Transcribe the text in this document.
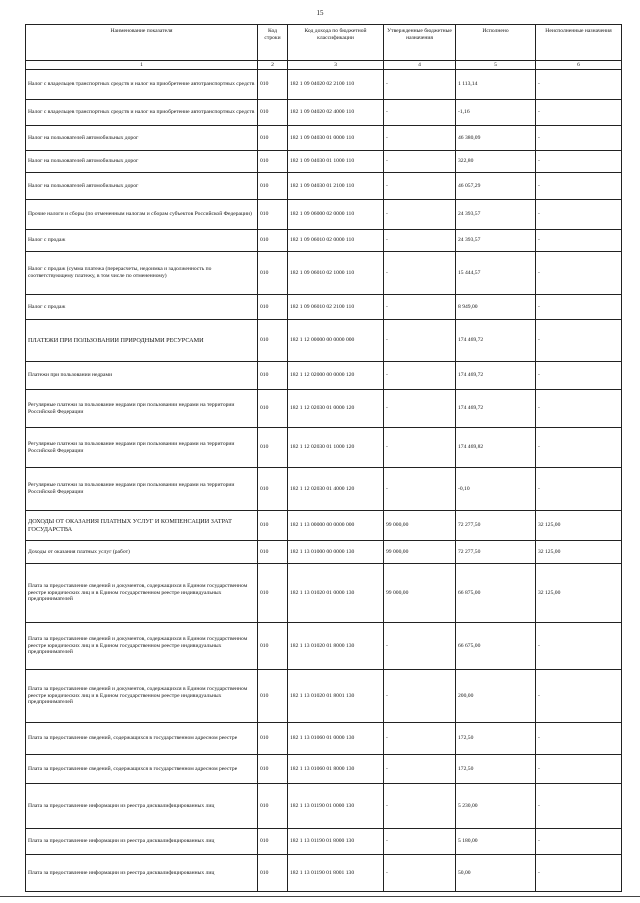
15
Наименование показателя	Код строки	Код дохода по бюджетной классификации	Утвержденные бюджетные назначения	Исполнено	Неисполненные назначения
1	2	3	4	5	6
Налог с владельцев транспортных средств и налог на приобретение автотранспортных средств	010	182 1 09 04020 02 2100 110	-	1 113,14	-
Налог с владельцев транспортных средств и налог на приобретение автотранспортных средств	010	182 1 09 04020 02 4000 110	-	-1,16	-
Налог на пользователей автомобильных дорог	010	182 1 09 04030 01 0000 110	-	46 380,09	-
Налог на пользователей автомобильных дорог	010	182 1 09 04030 01 1000 110	-	322,80	-
Налог на пользователей автомобильных дорог	010	182 1 09 04030 01 2100 110	-	46 057,29	-
Прочие налоги и сборы (по отмененным налогам и сборам субъектов Российской Федерации)	010	182 1 09 06000 02 0000 110	-	24 393,57	-
Налог с продаж	010	182 1 09 06010 02 0000 110	-	24 393,57	-
Налог с продаж (сумма платежа (перерасчеты, недоимка и задолженность по соответствующему платежу, в том числе по отмененному)	010	182 1 09 06010 02 1000 110	-	15 444,57	-
Налог с продаж	010	182 1 09 06010 02 2100 110	-	8 949,00	-
ПЛАТЕЖИ ПРИ ПОЛЬЗОВАНИИ ПРИРОДНЫМИ РЕСУРСАМИ	010	182 1 12 00000 00 0000 000	-	174 469,72	-
Платежи при пользовании недрами	010	182 1 12 02000 00 0000 120	-	174 469,72	-
Регулярные платежи за пользование недрами при пользовании недрами на территории Российской Федерации	010	182 1 12 02030 01 0000 120	-	174 469,72	-
Регулярные платежи за пользование недрами при пользовании недрами на территории Российской Федерации	010	182 1 12 02030 01 1000 120	-	174 469,82	-
Регулярные платежи за пользование недрами при пользовании недрами на территории Российской Федерации	010	182 1 12 02030 01 4000 120	-	-0,10	-
ДОХОДЫ ОТ ОКАЗАНИЯ ПЛАТНЫХ УСЛУГ И КОМПЕНСАЦИИ ЗАТРАТ ГОСУДАРСТВА	010	182 1 13 00000 00 0000 000	99 000,00	72 277,50	32 125,00
Доходы от оказания платных услуг (работ)	010	182 1 13 01000 00 0000 130	99 000,00	72 277,50	32 125,00
Плата за предоставление сведений и документов, содержащихся в Едином государственном реестре юридических лиц и в Едином государственном реестре индивидуальных предпринимателей	010	182 1 13 01020 01 0000 130	99 000,00	66 875,00	32 125,00
Плата за предоставление сведений и документов, содержащихся в Едином государственном реестре юридических лиц и в Едином государственном реестре индивидуальных предпринимателей	010	182 1 13 01020 01 8000 130	-	66 675,00	-
Плата за предоставление сведений и документов, содержащихся в Едином государственном реестре юридических лиц и в Едином государственном реестре индивидуальных предпринимателей	010	182 1 13 01020 01 8001 130	-	200,00	-
Плата за предоставление сведений, содержащихся в государственном адресном реестре	010	182 1 13 01060 01 0000 130	-	172,50	-
Плата за предоставление сведений, содержащихся в государственном адресном реестре	010	182 1 13 01060 01 8000 130	-	172,50	-
Плата за предоставление информации из реестра дисквалифицированных лиц	010	182 1 13 01190 01 0000 130	-	5 230,00	-
Плата за предоставление информации из реестра дисквалифицированных лиц	010	182 1 13 01190 01 8000 130	-	5 180,00	-
Плата за предоставление информации из реестра дисквалифицированных лиц	010	182 1 13 01190 01 8001 130	-	50,00	-
